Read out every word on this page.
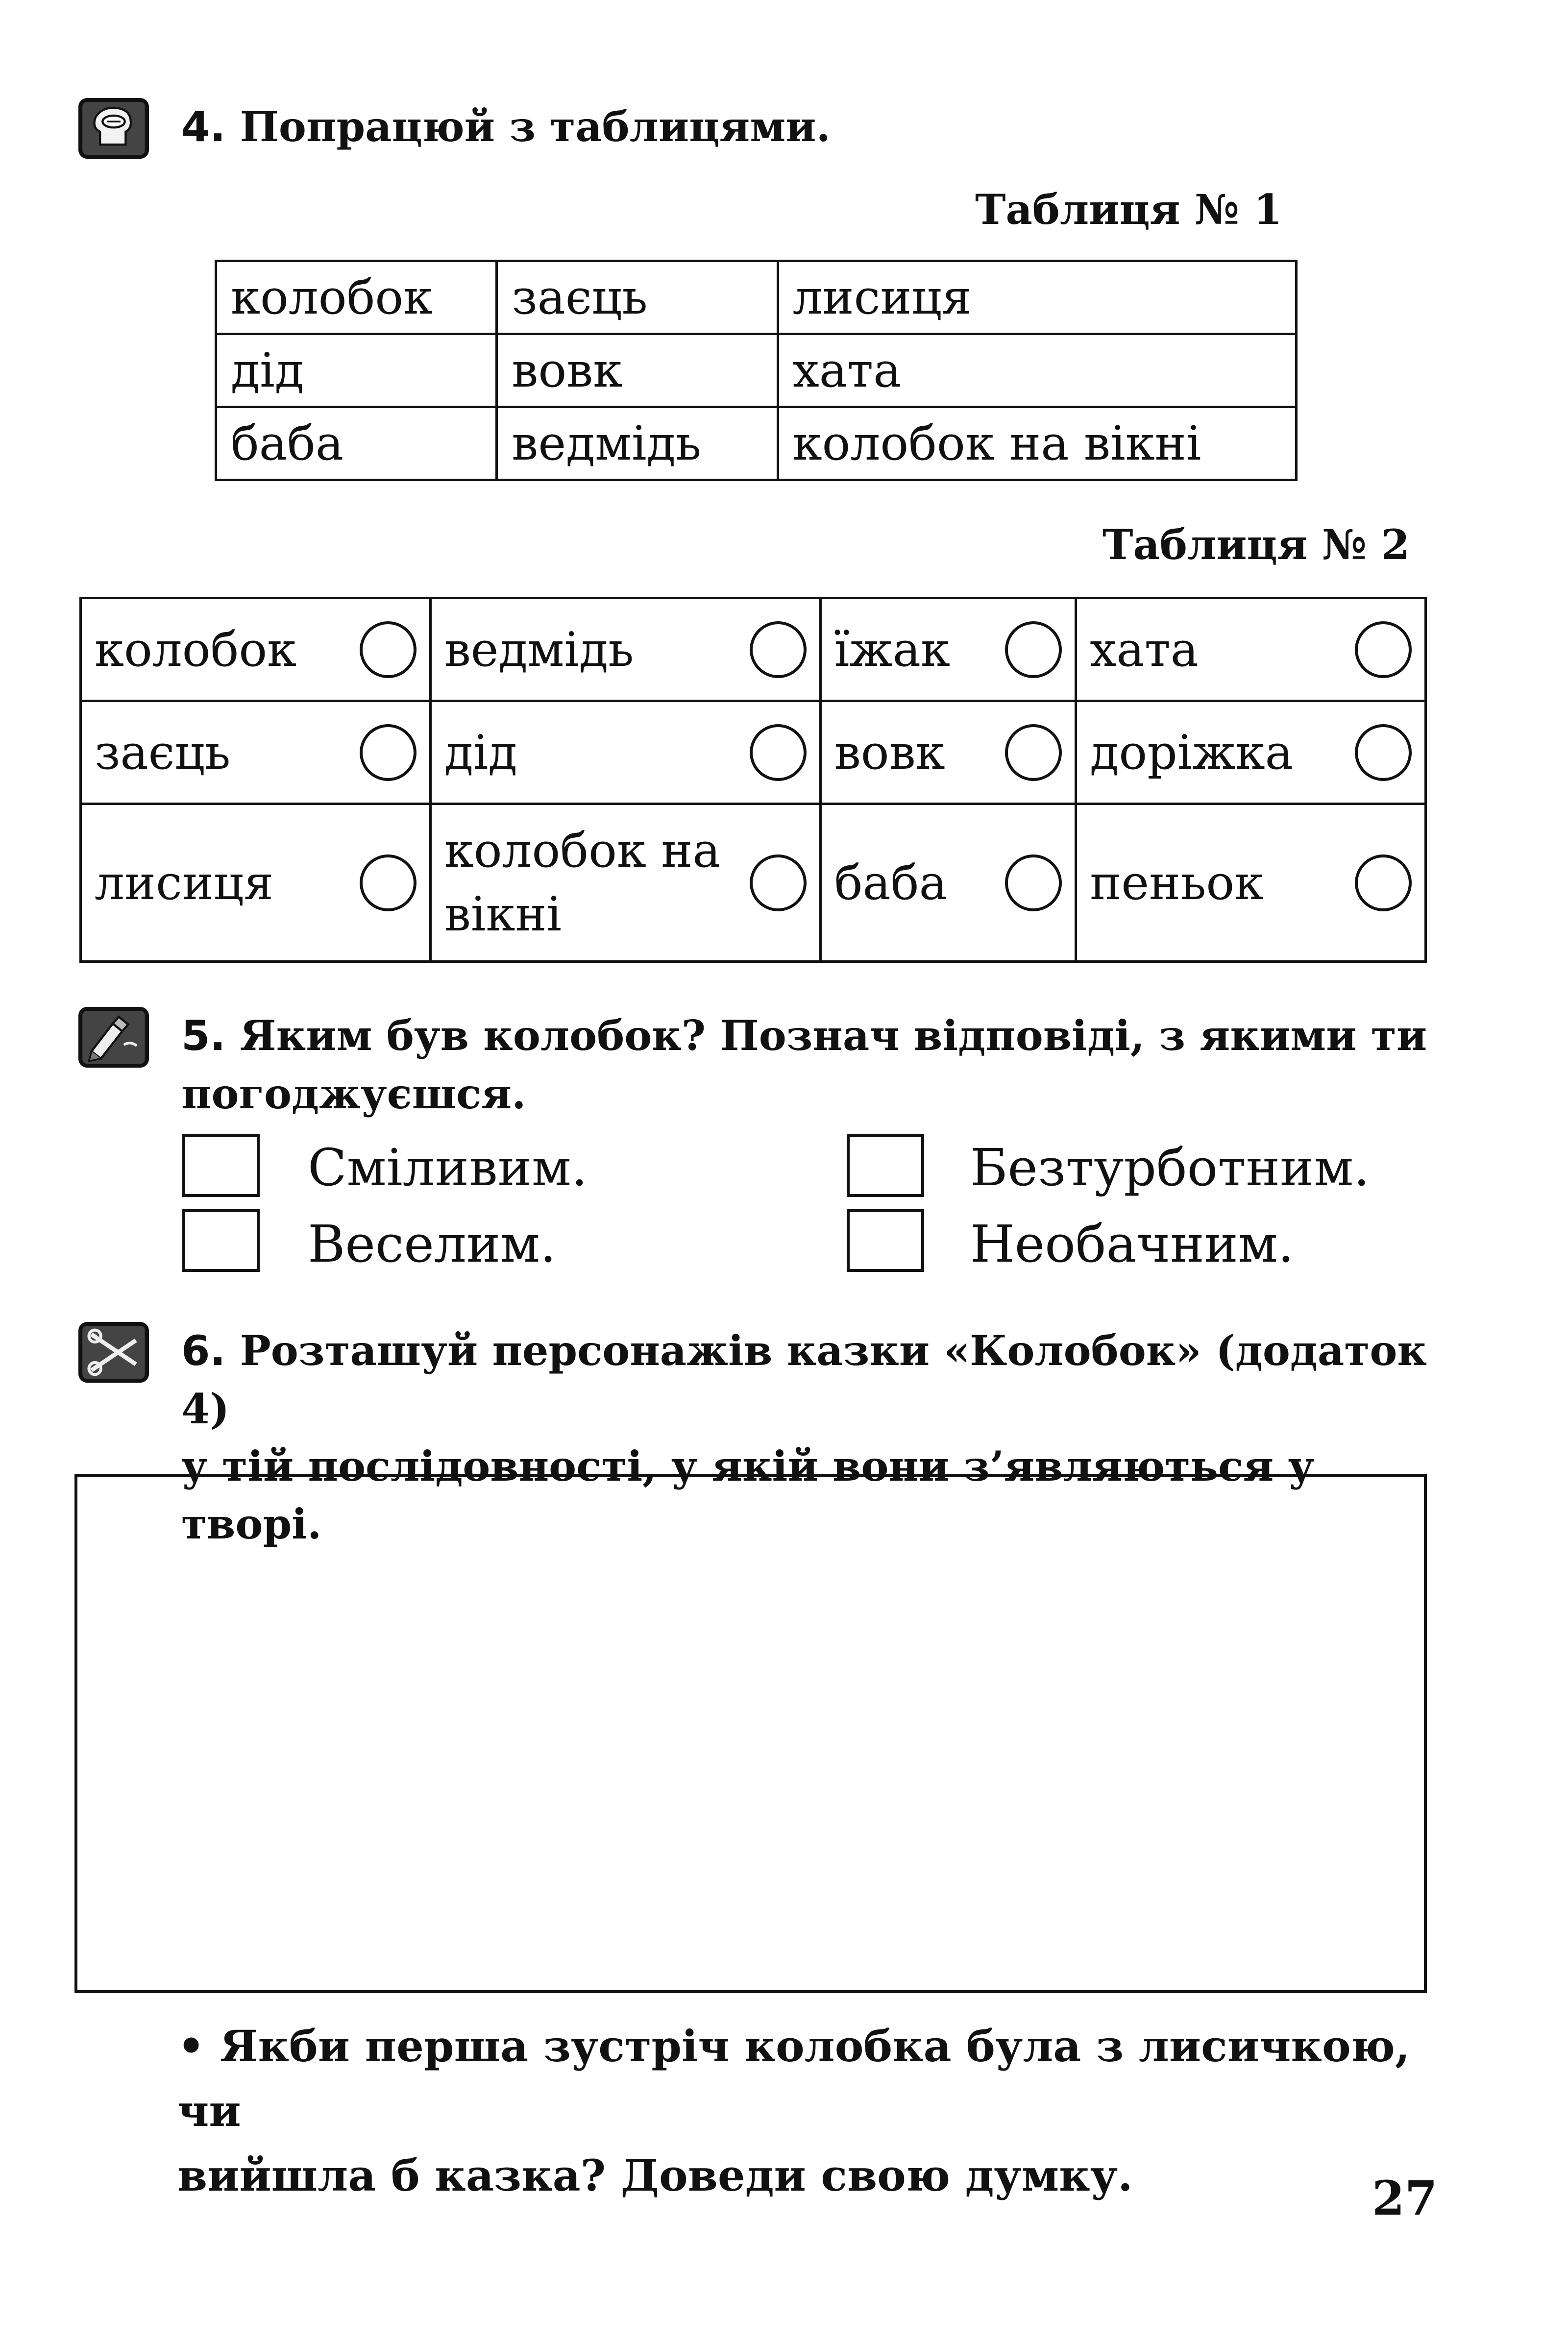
4. Попрацюй з таблицями.
Таблиця № 1
колобок	заєць	лисиця
дід	вовк	хата
баба	ведмідь	колобок на вікні
Таблиця № 2
колобок	ведмідь	їжак	хата

заєць	дід	вовк	доріжка

лисиця	колобок на вікні	баба	пеньок
5. Яким був колобок? Познач відповіді, з якими ти
погоджуєшся.
Сміливим.	Безтурботним.
Веселим.	Необачним.
6. Розташуй персонажів казки «Колобок» (додаток 4)
у тій послідовності, у якій вони з’являються у творі.
• Якби перша зустріч колобка була з лисичкою, чи
вийшла б казка? Доведи свою думку.	27
